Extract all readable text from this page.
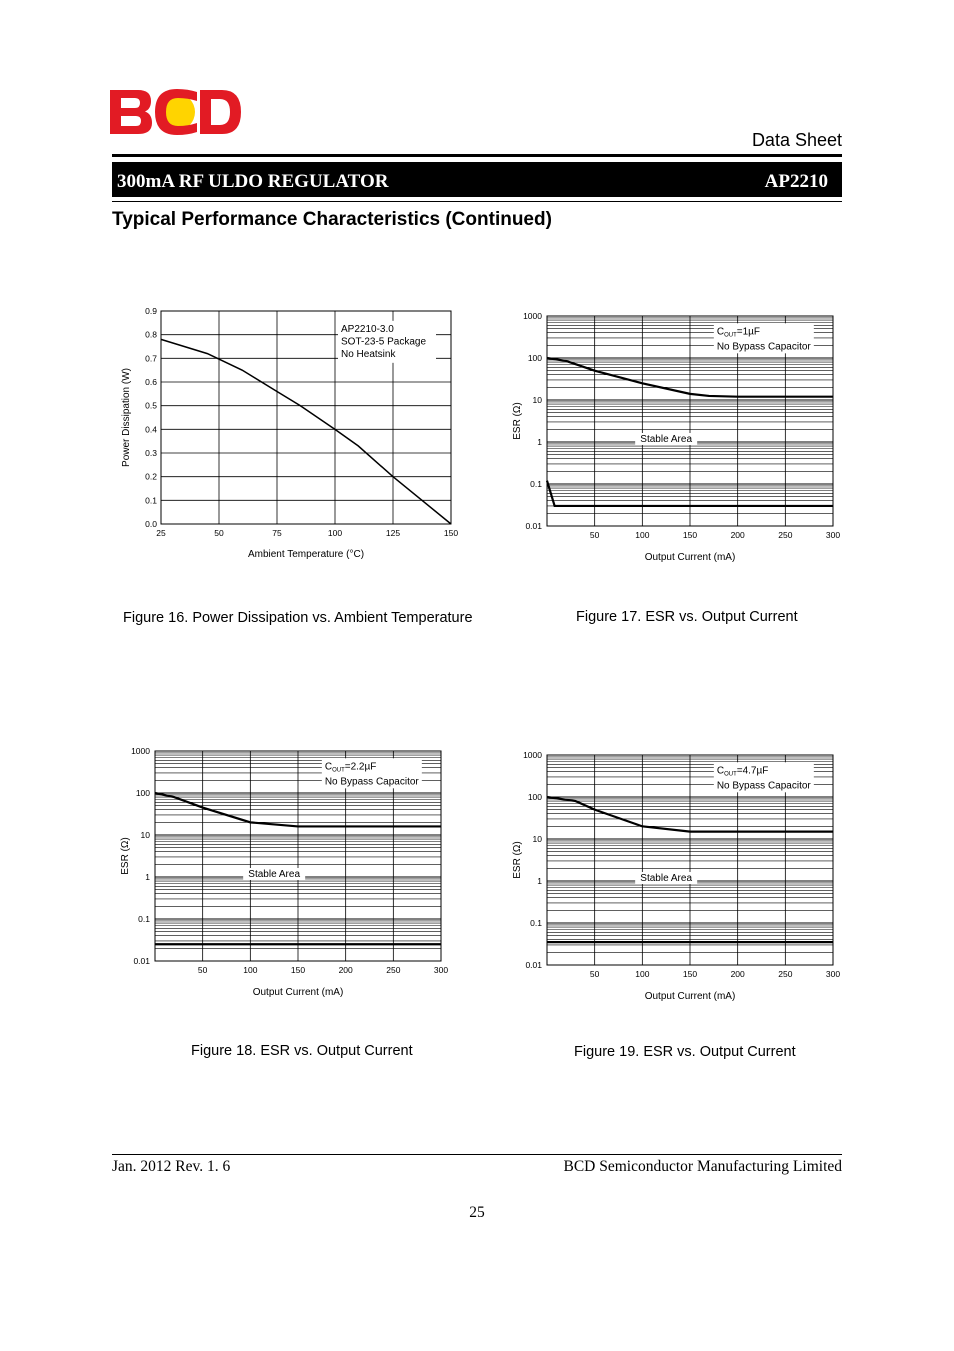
Data Sheet
300mA RF ULDO REGULATOR	AP2210
Typical Performance Characteristics (Continued)
25	50	75	100	125	150
0.0
0.1
0.2
0.3
0.4
0.5
0.6
0.7
0.8
0.9
AP2210-3.0
SOT-23-5 Package
No Heatsink
Ambient Temperature (°C)
Power Dissipation (W)
50	100	150	200	250	300
0.01
0.1
1
10
100
1000
$C_{OUT}=1\mu F$
No Bypass Capacitor
Stable Area
Output Current (mA)
ESR (Ω)
50	100	150	200	250	300
0.01
0.1
1
10
100
1000
$C_{OUT}=2.2\mu F$
No Bypass Capacitor
Stable Area
Output Current (mA)
ESR (Ω)
50	100	150	200	250	300
0.01
0.1
1
10
100
1000
$C_{OUT}=4.7\mu F$
No Bypass Capacitor
Stable Area
Output Current (mA)
ESR (Ω)
Figure 16. Power Dissipation vs. Ambient Temperature	Figure 17. ESR vs. Output Current
Figure 18. ESR vs. Output Current	Figure 19. ESR vs. Output Current
Jan. 2012 Rev. 1. 6	BCD Semiconductor Manufacturing Limited
25
